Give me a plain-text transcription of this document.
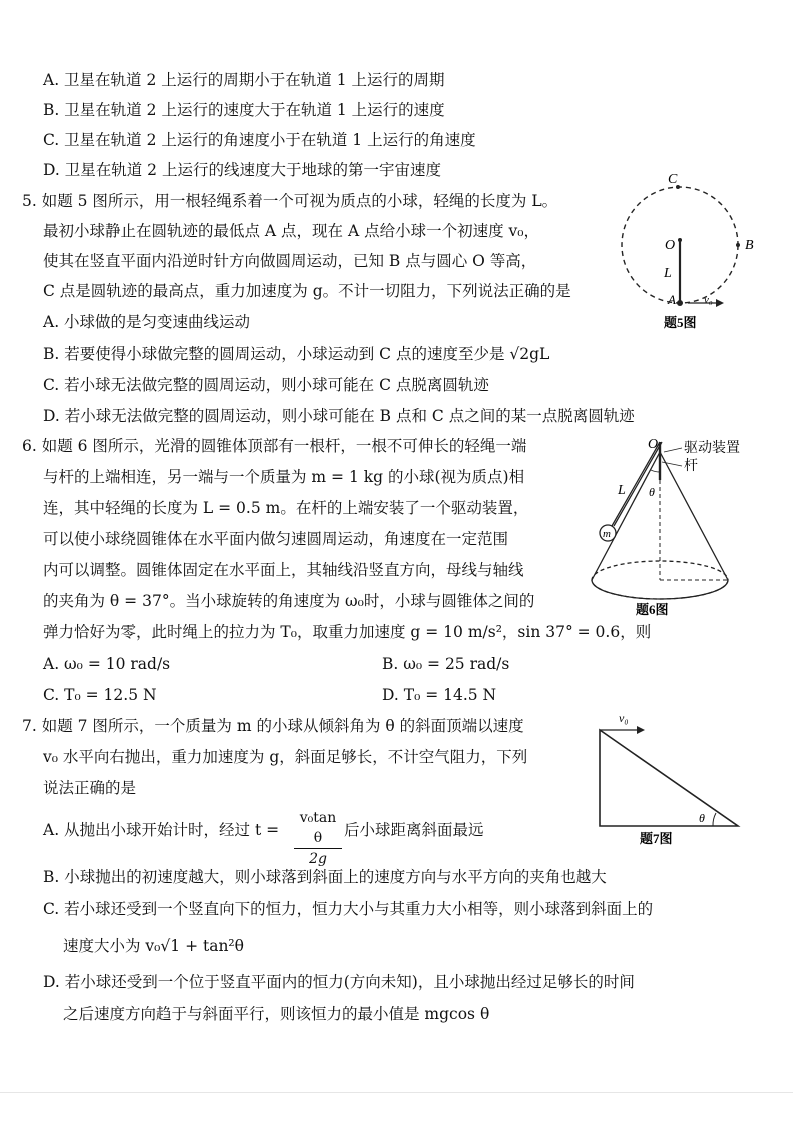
A. 卫星在轨道 2 上运行的周期小于在轨道 1 上运行的周期
B. 卫星在轨道 2 上运行的速度大于在轨道 1 上运行的速度
C. 卫星在轨道 2 上运行的角速度小于在轨道 1 上运行的角速度
D. 卫星在轨道 2 上运行的线速度大于地球的第一宇宙速度
5. 如题 5 图所示，用一根轻绳系着一个可视为质点的小球，轻绳的长度为 L。
最初小球静止在圆轨迹的最低点 A 点，现在 A 点给小球一个初速度 v₀，
使其在竖直平面内沿逆时针方向做圆周运动，已知 B 点与圆心 O 等高，
C 点是圆轨迹的最高点，重力加速度为 g。不计一切阻力，下列说法正确的是
A. 小球做的是匀变速曲线运动
B. 若要使得小球做完整的圆周运动，小球运动到 C 点的速度至少是 √2gL
C. 若小球无法做完整的圆周运动，则小球可能在 C 点脱离圆轨迹
D. 若小球无法做完整的圆周运动，则小球可能在 B 点和 C 点之间的某一点脱离圆轨迹
C
O	B
L
A	v₀
题5图
6. 如题 6 图所示，光滑的圆锥体顶部有一根杆，一根不可伸长的轻绳一端
与杆的上端相连，另一端与一个质量为 m = 1 kg 的小球(视为质点)相
连，其中轻绳的长度为 L = 0.5 m。在杆的上端安装了一个驱动装置，
可以使小球绕圆锥体在水平面内做匀速圆周运动，角速度在一定范围
内可以调整。圆锥体固定在水平面上，其轴线沿竖直方向，母线与轴线
的夹角为 θ = 37°。当小球旋转的角速度为 ω₀时，小球与圆锥体之间的
弹力恰好为零，此时绳上的拉力为 T₀，取重力加速度 g = 10 m/s²，sin 37° = 0.6，则
A. ω₀ = 10 rad/s	B. ω₀ = 25 rad/s
C. T₀ = 12.5 N	D. T₀ = 14.5 N
m
θ
O
L
驱动装置
杆
题6图
7. 如题 7 图所示，一个质量为 m 的小球从倾斜角为 θ 的斜面顶端以速度
v₀ 水平向右抛出，重力加速度为 g，斜面足够长，不计空气阻力，下列
说法正确的是
A. 从抛出小球开始计时，经过 $t = \frac{\text{v₀tan θ}}{2g}$ 后小球距离斜面最远
B. 小球抛出的初速度越大，则小球落到斜面上的速度方向与水平方向的夹角也越大
C. 若小球还受到一个竖直向下的恒力，恒力大小与其重力大小相等，则小球落到斜面上的
速度大小为 v₀√1 + tan²θ
D. 若小球还受到一个位于竖直平面内的恒力(方向未知)，且小球抛出经过足够长的时间
之后速度方向趋于与斜面平行，则该恒力的最小值是 mgcos θ
v₀
θ
题7图
